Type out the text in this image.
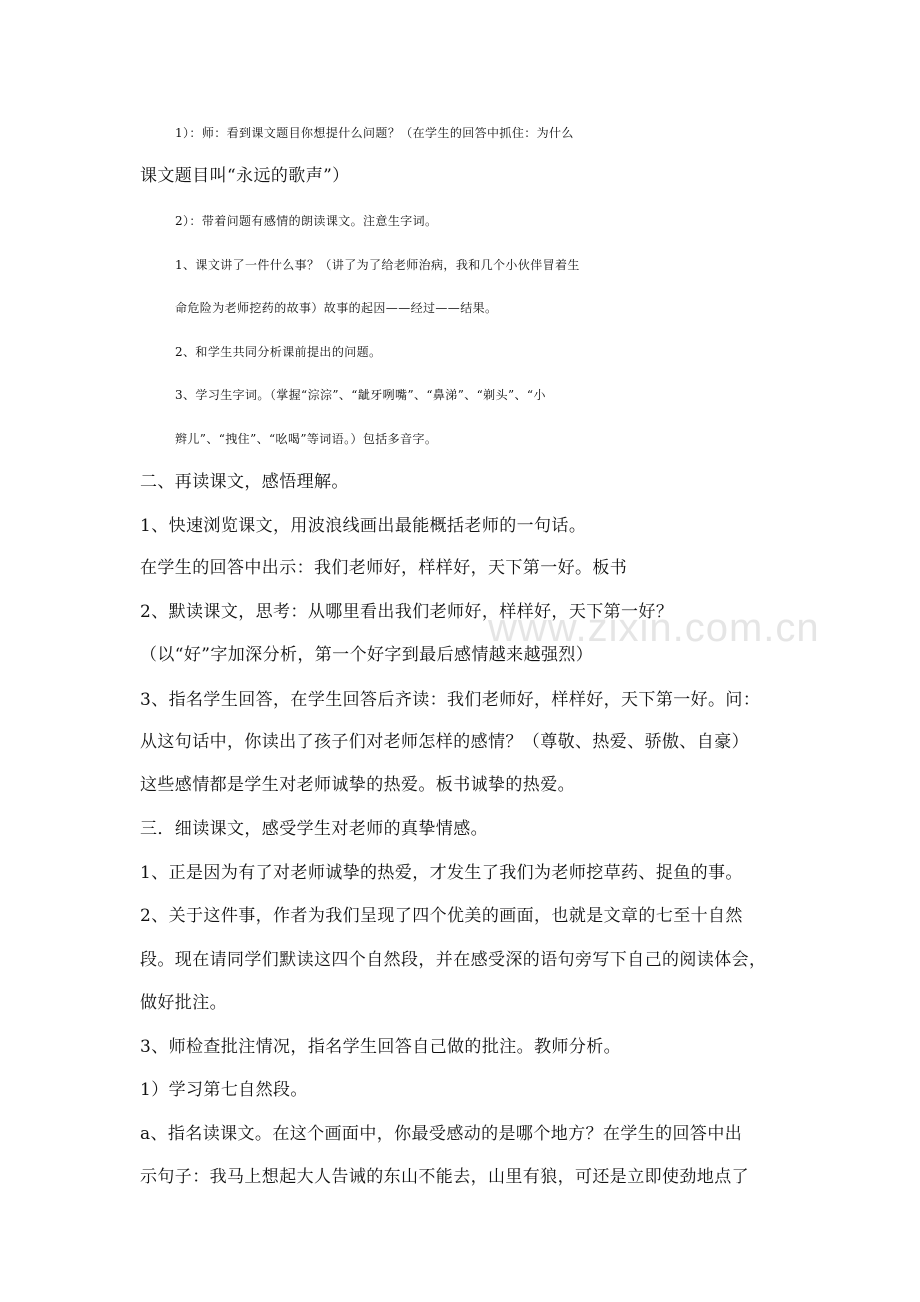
1）：师：看到课文题目你想提什么问题？（在学生的回答中抓住：为什么
课文题目叫“永远的歌声”）
2）：带着问题有感情的朗读课文。注意生字词。
1、课文讲了一件什么事？（讲了为了给老师治病，我和几个小伙伴冒着生
命危险为老师挖药的故事）故事的起因——经过——结果。
2、和学生共同分析课前提出的问题。
3、学习生字词。（掌握“淙淙”、“龇牙咧嘴”、“鼻涕”、“剃头”、“小
辫儿”、“拽住”、“吆喝”等词语。）包括多音字。
二、再读课文，感悟理解。
1、快速浏览课文，用波浪线画出最能概括老师的一句话。
在学生的回答中出示：我们老师好，样样好，天下第一好。板书
2、默读课文，思考：从哪里看出我们老师好，样样好，天下第一好？
（以“好”字加深分析，第一个好字到最后感情越来越强烈）
3、指名学生回答，在学生回答后齐读：我们老师好，样样好，天下第一好。问：
从这句话中，你读出了孩子们对老师怎样的感情？（尊敬、热爱、骄傲、自豪）
这些感情都是学生对老师诚挚的热爱。板书诚挚的热爱。
三．细读课文，感受学生对老师的真挚情感。
1、正是因为有了对老师诚挚的热爱，才发生了我们为老师挖草药、捉鱼的事。
2、关于这件事，作者为我们呈现了四个优美的画面，也就是文章的七至十自然
段。现在请同学们默读这四个自然段，并在感受深的语句旁写下自己的阅读体会，
做好批注。
3、师检查批注情况，指名学生回答自己做的批注。教师分析。
1）学习第七自然段。
a、指名读课文。在这个画面中，你最受感动的是哪个地方？在学生的回答中出
示句子：我马上想起大人告诫的东山不能去，山里有狼，可还是立即使劲地点了
www.zixin.com.cn
